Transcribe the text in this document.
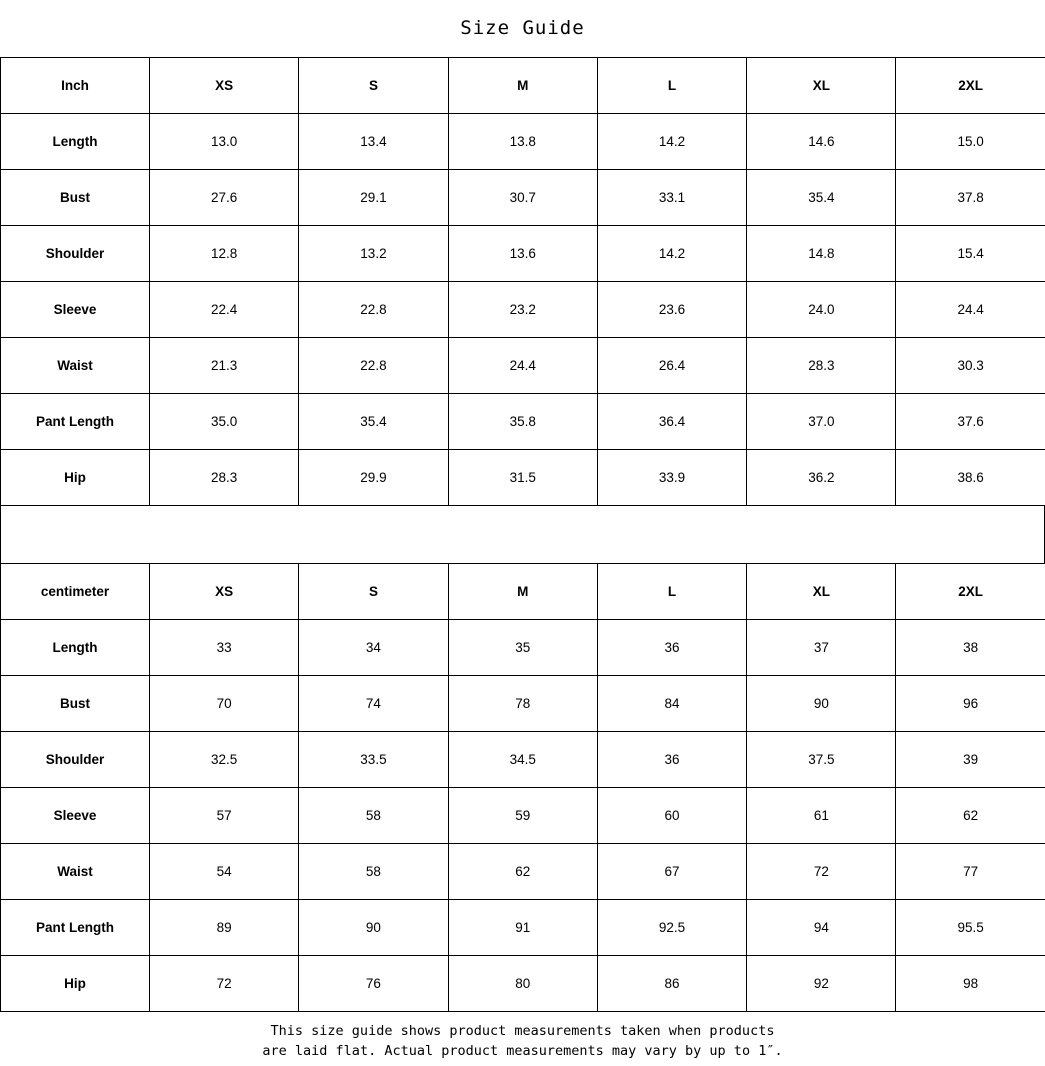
Size Guide
Inch	XS	S	M	L	XL	2XL
Length	13.0	13.4	13.8	14.2	14.6	15.0
Bust	27.6	29.1	30.7	33.1	35.4	37.8
Shoulder	12.8	13.2	13.6	14.2	14.8	15.4
Sleeve	22.4	22.8	23.2	23.6	24.0	24.4
Waist	21.3	22.8	24.4	26.4	28.3	30.3
Pant Length	35.0	35.4	35.8	36.4	37.0	37.6
Hip	28.3	29.9	31.5	33.9	36.2	38.6
centimeter	XS	S	M	L	XL	2XL
Length	33	34	35	36	37	38
Bust	70	74	78	84	90	96
Shoulder	32.5	33.5	34.5	36	37.5	39
Sleeve	57	58	59	60	61	62
Waist	54	58	62	67	72	77
Pant Length	89	90	91	92.5	94	95.5
Hip	72	76	80	86	92	98
This size guide shows product measurements taken when products
are laid flat. Actual product measurements may vary by up to 1″.
